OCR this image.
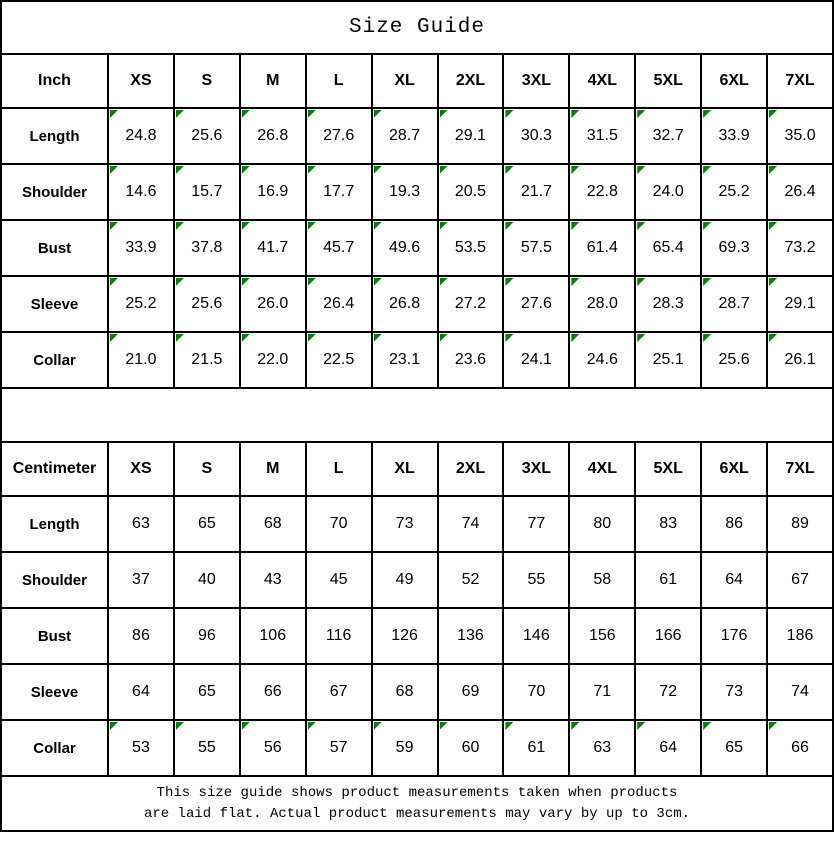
Size Guide											
Inch	XS	S	M	L	XL	2XL	3XL	4XL	5XL	6XL	7XL
Length	24.8	25.6	26.8	27.6	28.7	29.1	30.3	31.5	32.7	33.9	35.0
Shoulder	14.6	15.7	16.9	17.7	19.3	20.5	21.7	22.8	24.0	25.2	26.4
Bust	33.9	37.8	41.7	45.7	49.6	53.5	57.5	61.4	65.4	69.3	73.2
Sleeve	25.2	25.6	26.0	26.4	26.8	27.2	27.6	28.0	28.3	28.7	29.1
Collar	21.0	21.5	22.0	22.5	23.1	23.6	24.1	24.6	25.1	25.6	26.1

Centimeter	XS	S	M	L	XL	2XL	3XL	4XL	5XL	6XL	7XL
Length	63	65	68	70	73	74	77	80	83	86	89
Shoulder	37	40	43	45	49	52	55	58	61	64	67
Bust	86	96	106	116	126	136	146	156	166	176	186
Sleeve	64	65	66	67	68	69	70	71	72	73	74
Collar	53	55	56	57	59	60	61	63	64	65	66

This size guide shows product measurements taken when products
are laid flat. Actual product measurements may vary by up to 3cm.											
